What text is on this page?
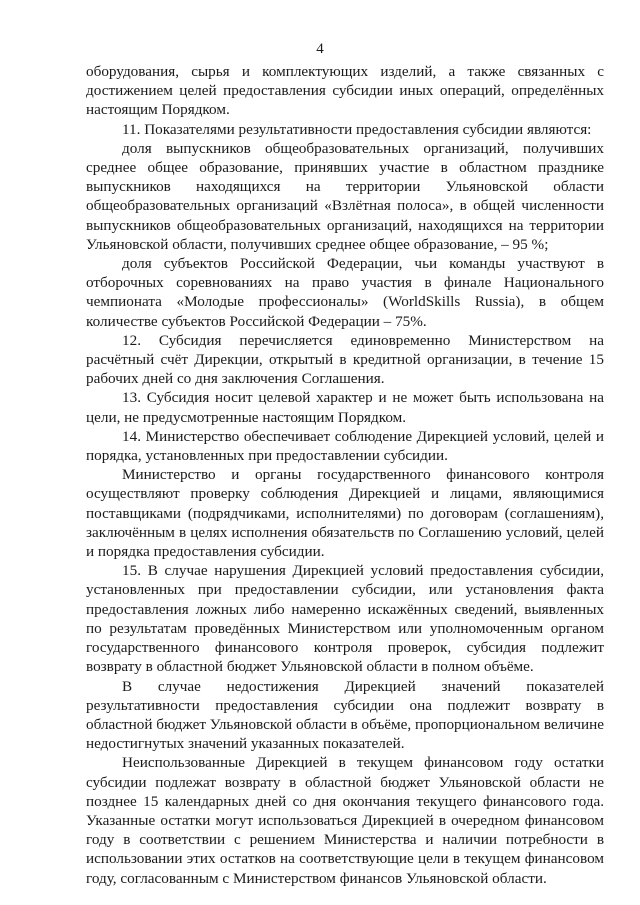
4

оборудования, сырья и комплектующих изделий, а также связанных с достижением целей предоставления субсидии иных операций, определённых настоящим Порядком.

11. Показателями результативности предоставления субсидии являются:

доля выпускников общеобразовательных организаций, получивших среднее общее образование, принявших участие в областном празднике выпускников находящихся на территории Ульяновской области общеобразовательных организаций «Взлётная полоса», в общей численности выпускников общеобразовательных организаций, находящихся на территории Ульяновской области, получивших среднее общее образование, – 95 %;

доля субъектов Российской Федерации, чьи команды участвуют в отборочных соревнованиях на право участия в финале Национального чемпионата «Молодые профессионалы» (WorldSkills Russia), в общем количестве субъектов Российской Федерации – 75%.

12. Субсидия перечисляется единовременно Министерством на расчётный счёт Дирекции, открытый в кредитной организации, в течение 15 рабочих дней со дня заключения Соглашения.

13. Субсидия носит целевой характер и не может быть использована на цели, не предусмотренные настоящим Порядком.

14. Министерство обеспечивает соблюдение Дирекцией условий, целей и порядка, установленных при предоставлении субсидии.

Министерство и органы государственного финансового контроля осуществляют проверку соблюдения Дирекцией и лицами, являющимися поставщиками (подрядчиками, исполнителями) по договорам (соглашениям), заключённым в целях исполнения обязательств по Соглашению условий, целей и порядка предоставления субсидии.

15. В случае нарушения Дирекцией условий предоставления субсидии, установленных при предоставлении субсидии, или установления факта предоставления ложных либо намеренно искажённых сведений, выявленных по результатам проведённых Министерством или уполномоченным органом государственного финансового контроля проверок, субсидия подлежит возврату в областной бюджет Ульяновской области в полном объёме.

В случае недостижения Дирекцией значений показателей результативности предоставления субсидии она подлежит возврату в областной бюджет Ульяновской области в объёме, пропорциональном величине недостигнутых значений указанных показателей.

Неиспользованные Дирекцией в текущем финансовом году остатки субсидии подлежат возврату в областной бюджет Ульяновской области не позднее 15 календарных дней со дня окончания текущего финансового года. Указанные остатки могут использоваться Дирекцией в очередном финансовом году в соответствии с решением Министерства и наличии потребности в использовании этих остатков на соответствующие цели в текущем финансовом году, согласованным с Министерством финансов Ульяновской области.
